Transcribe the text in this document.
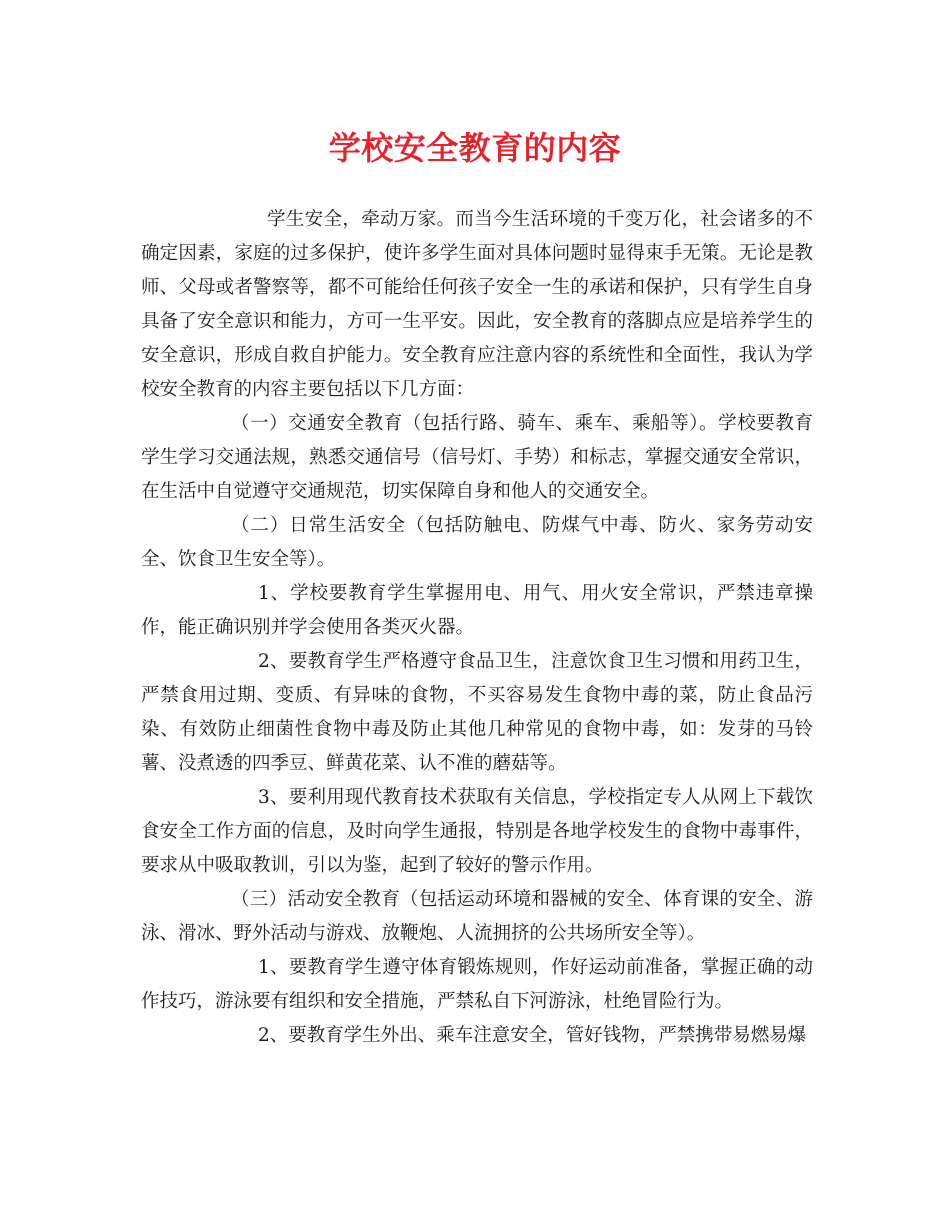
学校安全教育的内容

学生安全，牵动万家。而当今生活环境的千变万化，社会诸多的不确定因素，家庭的过多保护，使许多学生面对具体问题时显得束手无策。无论是教师、父母或者警察等，都不可能给任何孩子安全一生的承诺和保护，只有学生自身具备了安全意识和能力，方可一生平安。因此，安全教育的落脚点应是培养学生的安全意识，形成自救自护能力。安全教育应注意内容的系统性和全面性，我认为学校安全教育的内容主要包括以下几方面：

（一）交通安全教育（包括行路、骑车、乘车、乘船等）。学校要教育学生学习交通法规，熟悉交通信号（信号灯、手势）和标志，掌握交通安全常识，在生活中自觉遵守交通规范，切实保障自身和他人的交通安全。

（二）日常生活安全（包括防触电、防煤气中毒、防火、家务劳动安全、饮食卫生安全等）。

1、学校要教育学生掌握用电、用气、用火安全常识，严禁违章操作，能正确识别并学会使用各类灭火器。

2、要教育学生严格遵守食品卫生，注意饮食卫生习惯和用药卫生，严禁食用过期、变质、有异味的食物，不买容易发生食物中毒的菜，防止食品污染、有效防止细菌性食物中毒及防止其他几种常见的食物中毒，如：发芽的马铃薯、没煮透的四季豆、鲜黄花菜、认不准的蘑菇等。

3、要利用现代教育技术获取有关信息，学校指定专人从网上下载饮食安全工作方面的信息，及时向学生通报，特别是各地学校发生的食物中毒事件，要求从中吸取教训，引以为鉴，起到了较好的警示作用。

（三）活动安全教育（包括运动环境和器械的安全、体育课的安全、游泳、滑冰、野外活动与游戏、放鞭炮、人流拥挤的公共场所安全等）。

1、要教育学生遵守体育锻炼规则，作好运动前准备，掌握正确的动作技巧，游泳要有组织和安全措施，严禁私自下河游泳，杜绝冒险行为。

2、要教育学生外出、乘车注意安全，管好钱物，严禁携带易燃易爆
